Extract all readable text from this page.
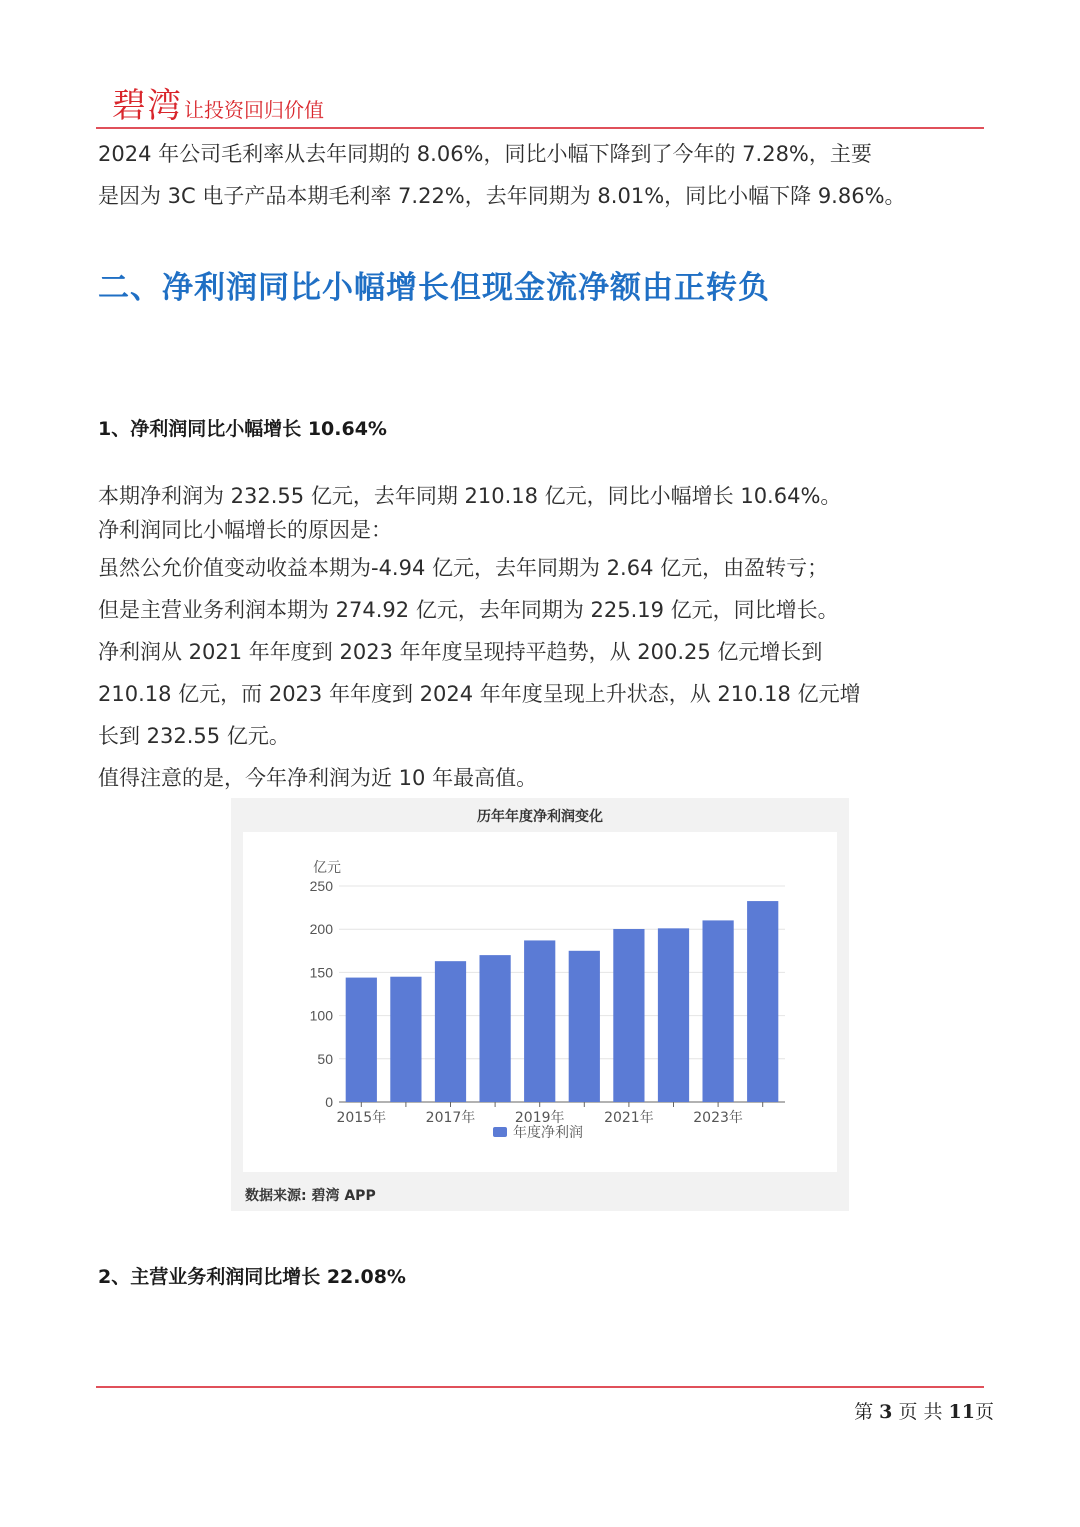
碧湾 让投资回归价值
2024 年公司毛利率从去年同期的 8.06%，同比小幅下降到了今年的 7.28%，主要
是因为 3C 电子产品本期毛利率 7.22%，去年同期为 8.01%，同比小幅下降 9.86%。
二、净利润同比小幅增长但现金流净额由正转负
1、净利润同比小幅增长 10.64%
本期净利润为 232.55 亿元，去年同期 210.18 亿元，同比小幅增长 10.64%。
净利润同比小幅增长的原因是：
虽然公允价值变动收益本期为-4.94 亿元，去年同期为 2.64 亿元，由盈转亏；
但是主营业务利润本期为 274.92 亿元，去年同期为 225.19 亿元，同比增长。
净利润从 2021 年年度到 2023 年年度呈现持平趋势，从 200.25 亿元增长到
210.18 亿元，而 2023 年年度到 2024 年年度呈现上升状态，从 210.18 亿元增
长到 232.55 亿元。
值得注意的是，今年净利润为近 10 年最高值。
历年年度净利润变化
0
50
100
150
200
250
亿元
2015年	2017年	2019年	2021年	2023年
年度净利润
数据来源: 碧湾 APP
2、主营业务利润同比增长 22.08%
第 3 页 共 11页
